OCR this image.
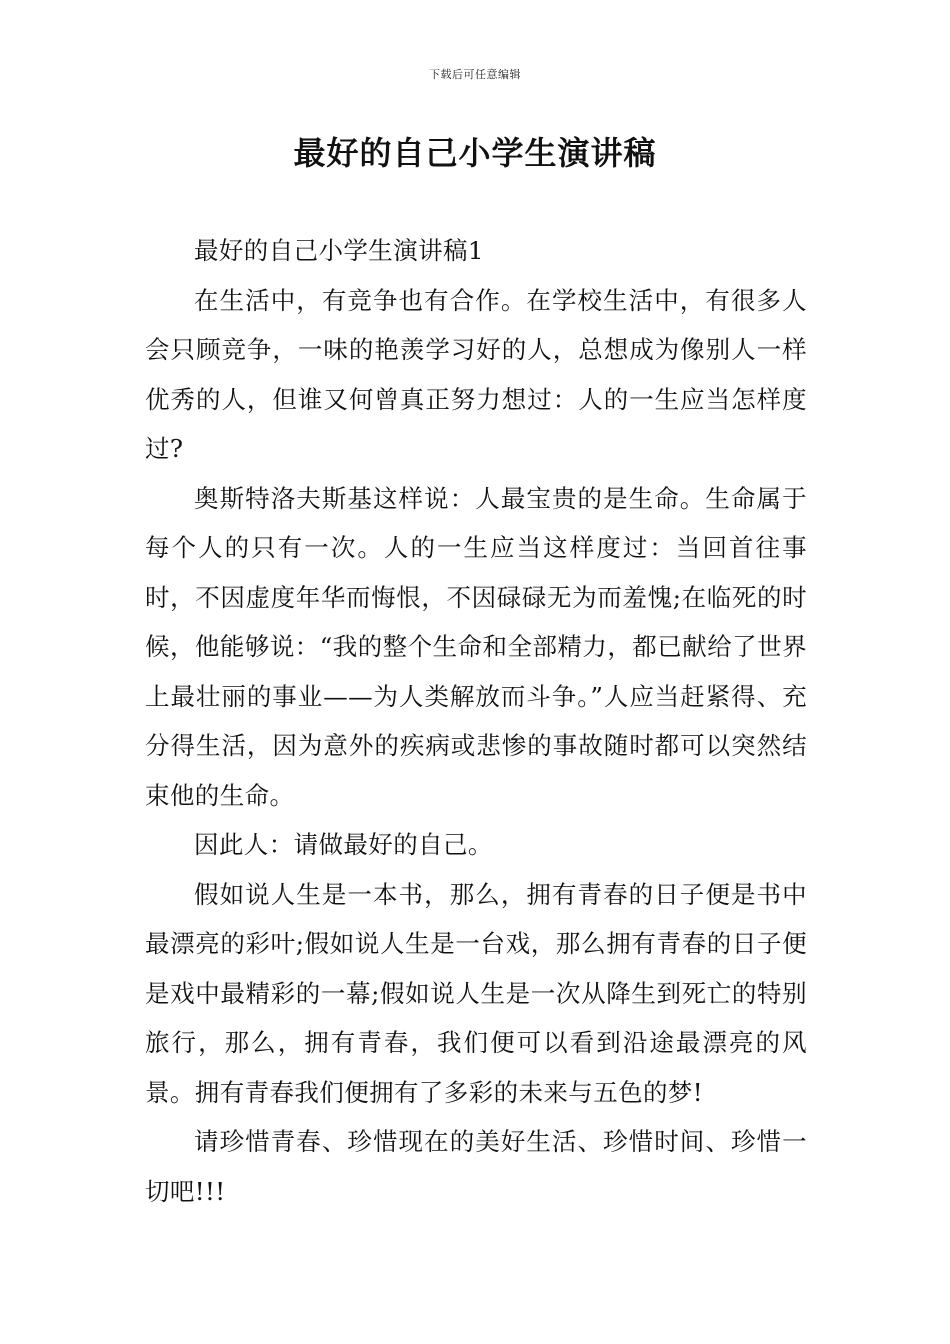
下载后可任意编辑
最好的自己小学生演讲稿

最好的自己小学生演讲稿1

在生活中，有竞争也有合作。在学校生活中，有很多人会只顾竞争，一味的艳羡学习好的人，总想成为像别人一样优秀的人，但谁又何曾真正努力想过：人的一生应当怎样度过?

奥斯特洛夫斯基这样说：人最宝贵的是生命。生命属于每个人的只有一次。人的一生应当这样度过：当回首往事时，不因虚度年华而悔恨，不因碌碌无为而羞愧;在临死的时候，他能够说：“我的整个生命和全部精力，都已献给了世界上最壮丽的事业——为人类解放而斗争。”人应当赶紧得、充分得生活，因为意外的疾病或悲惨的事故随时都可以突然结束他的生命。

因此人：请做最好的自己。

假如说人生是一本书，那么，拥有青春的日子便是书中最漂亮的彩叶;假如说人生是一台戏，那么拥有青春的日子便是戏中最精彩的一幕;假如说人生是一次从降生到死亡的特别旅行，那么，拥有青春，我们便可以看到沿途最漂亮的风景。拥有青春我们便拥有了多彩的未来与五色的梦!

请珍惜青春、珍惜现在的美好生活、珍惜时间、珍惜一切吧!!!
